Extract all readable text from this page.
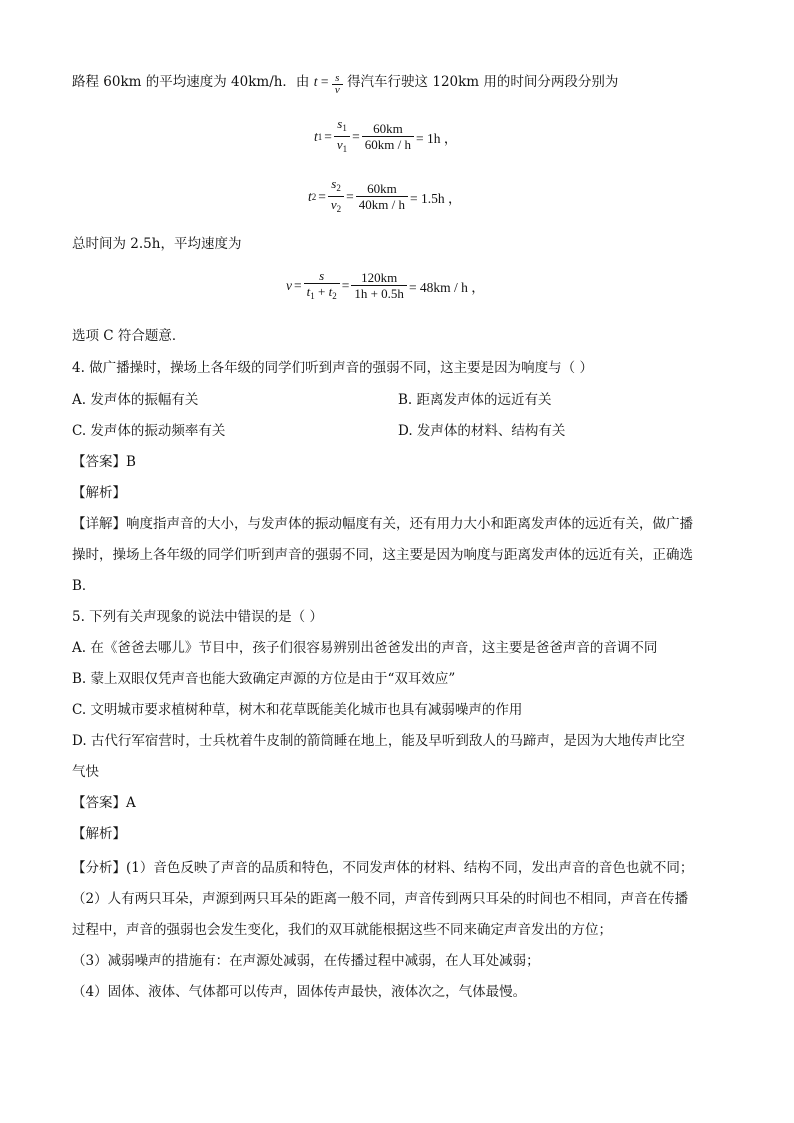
路程 60km 的平均速度为 40km/h．由 $t = \frac{s}{v}$ 得汽车行驶这 120km 用的时间分两段分别为
t $1 = \frac{s_1}{v_1} = \frac{60km}{60km / h} = 1h$ ，
t $2 = \frac{s_2}{v_2} = \frac{60km}{40km / h} = 1.5h$ ，
总时间为 2.5h，平均速度为
$v = \frac{s}{t_1 + t_2} = \frac{120km}{1h + 0.5h} = 48km / h$ ，
选项 C 符合题意．
4. 做广播操时，操场上各年级的同学们听到声音的强弱不同，这主要是因为响度与（ ）
A. 发声体的振幅有关	B. 距离发声体的远近有关
C. 发声体的振动频率有关	D. 发声体的材料、结构有关
【答案】B
【解析】
【详解】响度指声音的大小，与发声体的振动幅度有关，还有用力大小和距离发声体的远近有关，做广播
操时，操场上各年级的同学们听到声音的强弱不同，这主要是因为响度与距离发声体的远近有关，正确选
B．
5. 下列有关声现象的说法中错误的是（ ）
A. 在《爸爸去哪儿》节目中，孩子们很容易辨别出爸爸发出的声音，这主要是爸爸声音的音调不同
B. 蒙上双眼仅凭声音也能大致确定声源的方位是由于“双耳效应”
C. 文明城市要求植树种草，树木和花草既能美化城市也具有减弱噪声的作用
D. 古代行军宿营时，士兵枕着牛皮制的箭筒睡在地上，能及早听到敌人的马蹄声，是因为大地传声比空
气快
【答案】A
【解析】
【分析】(1）音色反映了声音的品质和特色，不同发声体的材料、结构不同，发出声音的音色也就不同；
（2）人有两只耳朵，声源到两只耳朵的距离一般不同，声音传到两只耳朵的时间也不相同，声音在传播
过程中，声音的强弱也会发生变化，我们的双耳就能根据这些不同来确定声音发出的方位；
（3）减弱噪声的措施有：在声源处减弱，在传播过程中减弱，在人耳处减弱；
（4）固体、液体、气体都可以传声，固体传声最快，液体次之，气体最慢。
